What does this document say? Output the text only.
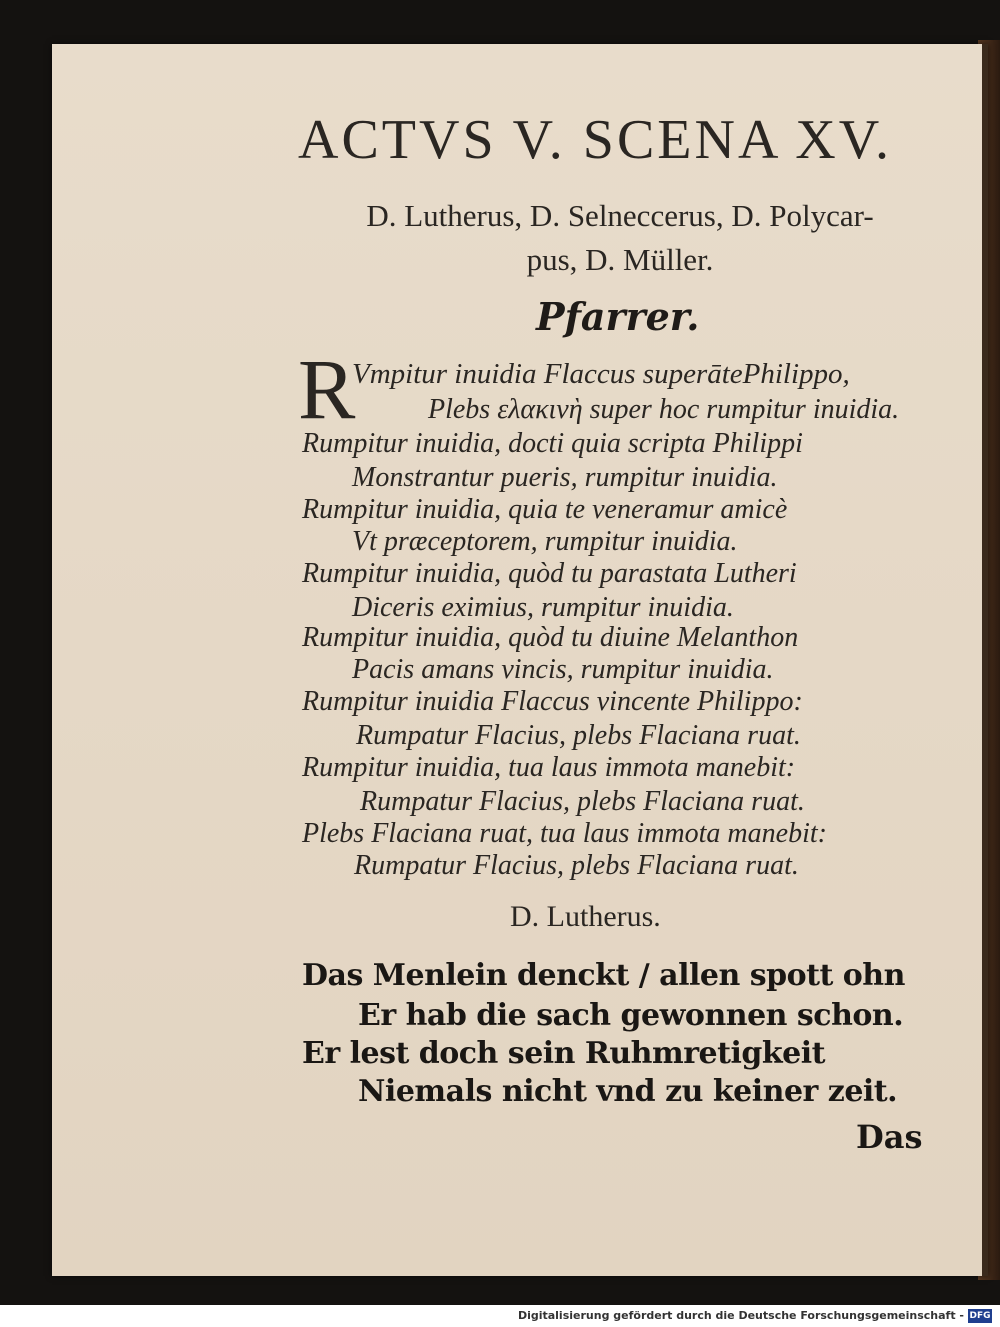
ACTVS V. SCENA XV.
D. Lutherus, D. Selneccerus, D. Polycar-
pus, D. Müller.
Pfarrer.
R
Vmpitur inuidia Flaccus superātePhilippo,
Plebs ελακινὴ super hoc rumpitur inuidia.
Rumpitur inuidia, docti quia scripta Philippi
Monstrantur pueris, rumpitur inuidia.
Rumpitur inuidia, quia te veneramur amicè
Vt præceptorem, rumpitur inuidia.
Rumpitur inuidia, quòd tu parastata Lutheri
Diceris eximius, rumpitur inuidia.
Rumpitur inuidia, quòd tu diuine Melanthon
Pacis amans vincis, rumpitur inuidia.
Rumpitur inuidia Flaccus vincente Philippo:
Rumpatur Flacius, plebs Flaciana ruat.
Rumpitur inuidia, tua laus immota manebit:
Rumpatur Flacius, plebs Flaciana ruat.
Plebs Flaciana ruat, tua laus immota manebit:
Rumpatur Flacius, plebs Flaciana ruat.
D. Lutherus.
Das Menlein denckt / allen spott ohn
Er hab die sach gewonnen schon.
Er lest doch sein Ruhmretigkeit
Niemals nicht vnd zu keiner zeit.
Das
Digitalisierung gefördert durch die Deutsche Forschungsgemeinschaft - DFG
